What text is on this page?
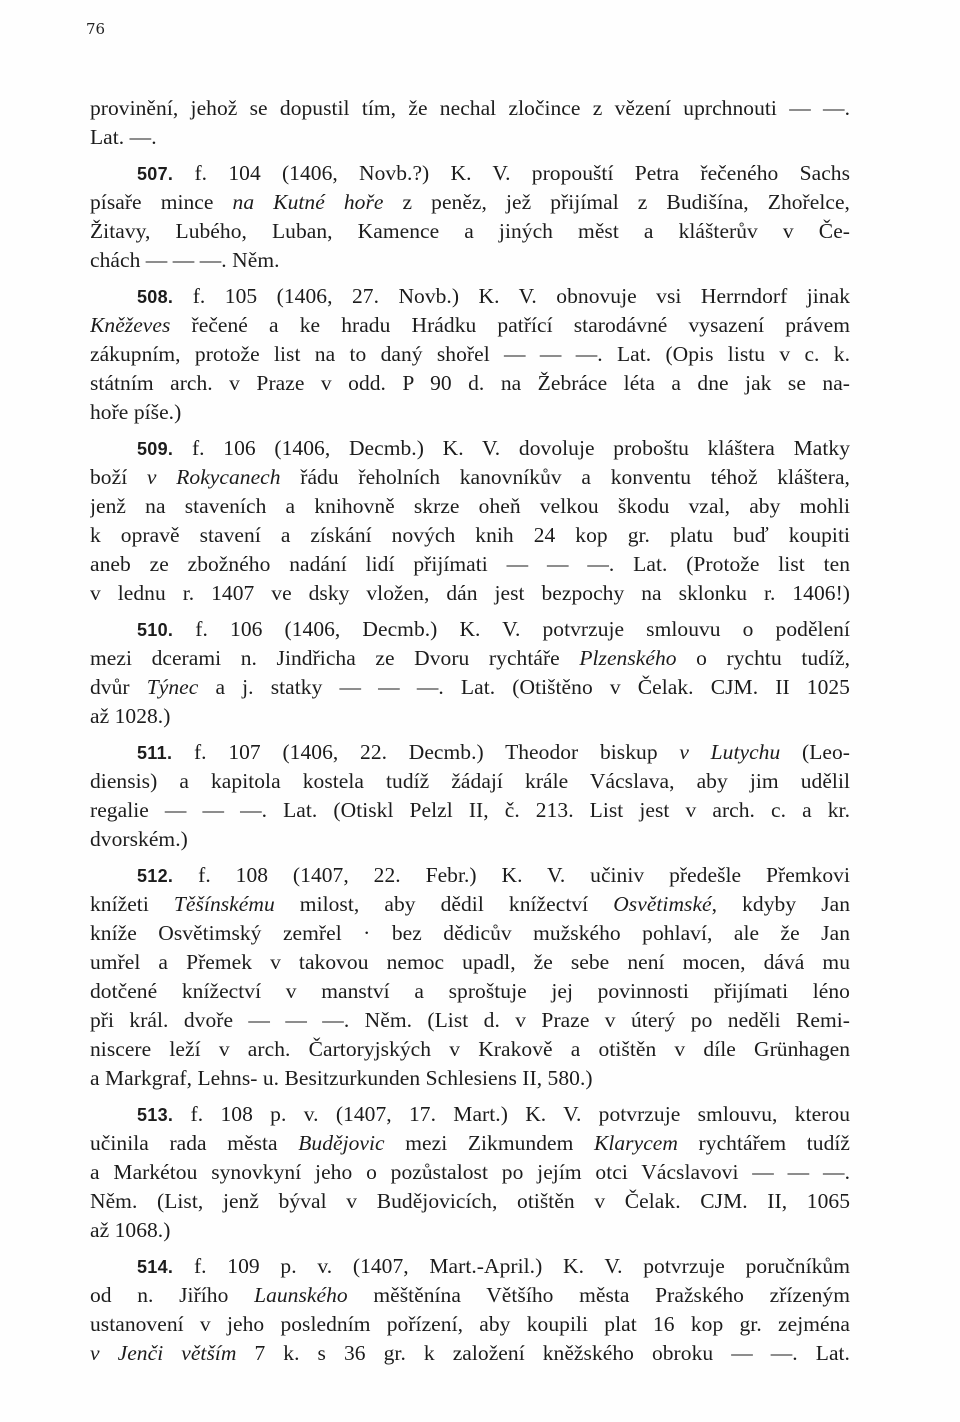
76
provinění, jehož se dopustil tím, že nechal zločince z vězení uprchnouti — —.
Lat. —.
507. f. 104 (1406, Novb.?) K. V. propouští Petra řečeného Sachs
písaře mince na Kutné hoře z peněz, jež přijímal z Budišína, Zhořelce,
Žitavy, Lubého, Luban, Kamence a jiných měst a klášterův v Če-
chách — — —. Něm.
508. f. 105 (1406, 27. Novb.) K. V. obnovuje vsi Herrndorf jinak
Kněževes řečené a ke hradu Hrádku patřící starodávné vysazení právem
zákupním, protože list na to daný shořel — — —. Lat. (Opis listu v c. k.
státním arch. v Praze v odd. P 90 d. na Žebráce léta a dne jak se na-
hoře píše.)
509. f. 106 (1406, Decmb.) K. V. dovoluje proboštu kláštera Matky
boží v Rokycanech řádu řeholních kanovníkův a konventu téhož kláštera,
jenž na staveních a knihovně skrze oheň velkou škodu vzal, aby mohli
k opravě stavení a získání nových knih 24 kop gr. platu buď koupiti
aneb ze zbožného nadání lidí přijímati — — —. Lat. (Protože list ten
v lednu r. 1407 ve dsky vložen, dán jest bezpochy na sklonku r. 1406!)
510. f. 106 (1406, Decmb.) K. V. potvrzuje smlouvu o podělení
mezi dcerami n. Jindřicha ze Dvoru rychtáře Plzenského o rychtu tudíž,
dvůr Týnec a j. statky — — —. Lat. (Otištěno v Čelak. CJM. II 1025
až 1028.)
511. f. 107 (1406, 22. Decmb.) Theodor biskup v Lutychu (Leo-
diensis) a kapitola kostela tudíž žádají krále Vácslava, aby jim udělil
regalie — — —. Lat. (Otiskl Pelzl II, č. 213. List jest v arch. c. a kr.
dvorském.)
512. f. 108 (1407, 22. Febr.) K. V. učiniv předešle Přemkovi
knížeti Těšínskému milost, aby dědil knížectví Osvětimské, kdyby Jan
kníže Osvětimský zemřel · bez dědicův mužského pohlaví, ale že Jan
umřel a Přemek v takovou nemoc upadl, že sebe není mocen, dává mu
dotčené knížectví v manství a sproštuje jej povinnosti přijímati léno
při král. dvoře — — —. Něm. (List d. v Praze v úterý po neděli Remi-
niscere leží v arch. Čartoryjských v Krakově a otištěn v díle Grünhagen
a Markgraf, Lehns- u. Besitzurkunden Schlesiens II, 580.)
513. f. 108 p. v. (1407, 17. Mart.) K. V. potvrzuje smlouvu, kterou
učinila rada města Budějovic mezi Zikmundem Klarycem rychtářem tudíž
a Markétou synovkyní jeho o pozůstalost po jejím otci Vácslavovi — — —.
Něm. (List, jenž býval v Budějovicích, otištěn v Čelak. CJM. II, 1065
až 1068.)
514. f. 109 p. v. (1407, Mart.-April.) K. V. potvrzuje poručníkům
od n. Jiřího Launského měštěnína Většího města Pražského zřízeným
ustanovení v jeho posledním pořízení, aby koupili plat 16 kop gr. zejména
v Jenči větším 7 k. s 36 gr. k založení kněžského obroku — —. Lat.
